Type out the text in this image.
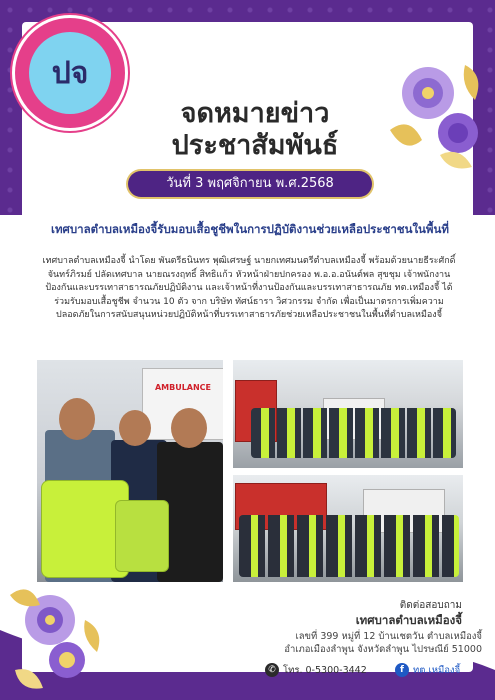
ปจ
จดหมายข่าว
ประชาสัมพันธ์
วันที่ 3 พฤศจิกายน พ.ศ.2568
เทศบาลตำบลเหมืองจี้รับมอบเสื้อชูชีพในการปฏิบัติงานช่วยเหลือประชาชนในพื้นที่
เทศบาลตำบลเหมืองจี้ นำโดย พันตรีธนินทร พุฒิเศรษฐ์ นายกเทศมนตรีตำบลเหมืองจี้ พร้อมด้วยนายธีระศักดิ์ จันทร์ภิรมย์ ปลัดเทศบาล นายณรงฤทธิ์ สิทธิแก้ว หัวหน้าฝ่ายปกครอง พ.อ.อ.อนันต์พล สุขชุม เจ้าพนักงานป้องกันและบรรเทาสาธารณภัยปฏิบัติงาน และเจ้าหน้าที่งานป้องกันและบรรเทาสาธารณภัย ทต.เหมืองจี้ ได้ร่วมรับมอบเสื้อชูชีพ จำนวน 10 ตัว จาก บริษัท ทัศน์ธารา วิศวกรรม จำกัด เพื่อเป็นมาตรการเพิ่มความปลอดภัยในการสนับสนุนหน่วยปฏิบัติหน้าที่บรรเทาสาธารภัยช่วยเหลือประชาชนในพื้นที่ตำบลเหมืองจี้
AMBULANCE
ติดต่อสอบถาม
เทศบาลตำบลเหมืองจี้
เลขที่ 399 หมู่ที่ 12 บ้านเชตวัน ตำบลเหมืองจี้
อำเภอเมืองลำพูน จังหวัดลำพูน ไปรษณีย์ 51000
✆ โทร. 0-5300-3442	f ทต.เหมืองจี้
